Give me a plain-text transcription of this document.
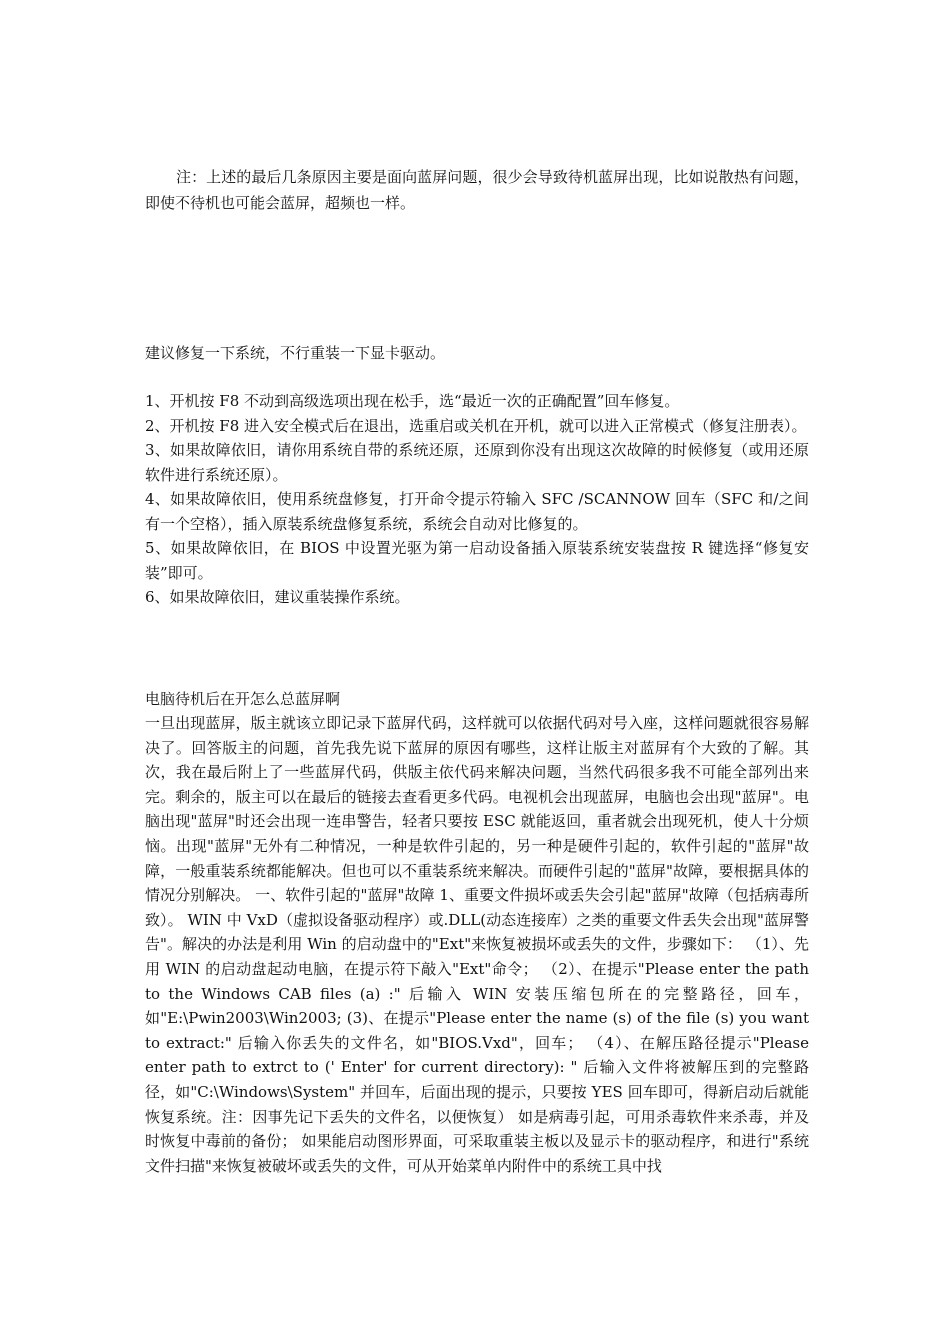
注：上述的最后几条原因主要是面向蓝屏问题，很少会导致待机蓝屏出现，比如说散热有问题，即使不待机也可能会蓝屏，超频也一样。

建议修复一下系统，不行重装一下显卡驱动。

1、开机按 F8 不动到高级选项出现在松手，选“最近一次的正确配置”回车修复。
2、开机按 F8 进入安全模式后在退出，选重启或关机在开机，就可以进入正常模式（修复注册表）。
3、如果故障依旧，请你用系统自带的系统还原，还原到你没有出现这次故障的时候修复（或用还原软件进行系统还原）。
4、如果故障依旧，使用系统盘修复，打开命令提示符输入 SFC /SCANNOW 回车（SFC 和/之间有一个空格），插入原装系统盘修复系统，系统会自动对比修复的。
5、如果故障依旧，在 BIOS 中设置光驱为第一启动设备插入原装系统安装盘按 R 键选择“修复安装”即可。
6、如果故障依旧，建议重装操作系统。

电脑待机后在开怎么总蓝屏啊

一旦出现蓝屏，版主就该立即记录下蓝屏代码，这样就可以依据代码对号入座，这样问题就很容易解决了。回答版主的问题，首先我先说下蓝屏的原因有哪些，这样让版主对蓝屏有个大致的了解。其次，我在最后附上了一些蓝屏代码，供版主依代码来解决问题，当然代码很多我不可能全部列出来完。剩余的，版主可以在最后的链接去查看更多代码。电视机会出现蓝屏，电脑也会出现"蓝屏"。电脑出现"蓝屏"时还会出现一连串警告，轻者只要按 ESC 就能返回，重者就会出现死机，使人十分烦恼。出现"蓝屏"无外有二种情况，一种是软件引起的，另一种是硬件引起的，软件引起的"蓝屏"故障，一般重装系统都能解决。但也可以不重装系统来解决。而硬件引起的"蓝屏"故障，要根据具体的情况分别解决。 一、软件引起的"蓝屏"故障 1、重要文件损坏或丢失会引起"蓝屏"故障（包括病毒所致）。 WIN 中 VxD（虚拟设备驱动程序）或.DLL(动态连接库）之类的重要文件丢失会出现"蓝屏警告"。解决的办法是利用 Win 的启动盘中的"Ext"来恢复被损坏或丢失的文件，步骤如下： （1）、先用 WIN 的启动盘起动电脑，在提示符下敲入"Ext"命令； （2）、在提示"Please enter the path to the Windows CAB files (a) :" 后输入 WIN 安装压缩包所在的完整路径，回车，如"E:\Pwin2003\Win2003; (3)、在提示"Please enter the name (s) of the file (s) you want to extract:" 后输入你丢失的文件名，如"BIOS.Vxd"，回车； （4）、在解压路径提示"Please enter path to extrct to (' Enter' for current directory): " 后输入文件将被解压到的完整路径，如"C:\Windows\System" 并回车，后面出现的提示，只要按 YES 回车即可，得新启动后就能恢复系统。注：因事先记下丢失的文件名，以便恢复） 如是病毒引起，可用杀毒软件来杀毒，并及时恢复中毒前的备份； 如果能启动图形界面，可采取重装主板以及显示卡的驱动程序，和进行"系统文件扫描"来恢复被破坏或丢失的文件，可从开始菜单内附件中的系统工具中找
